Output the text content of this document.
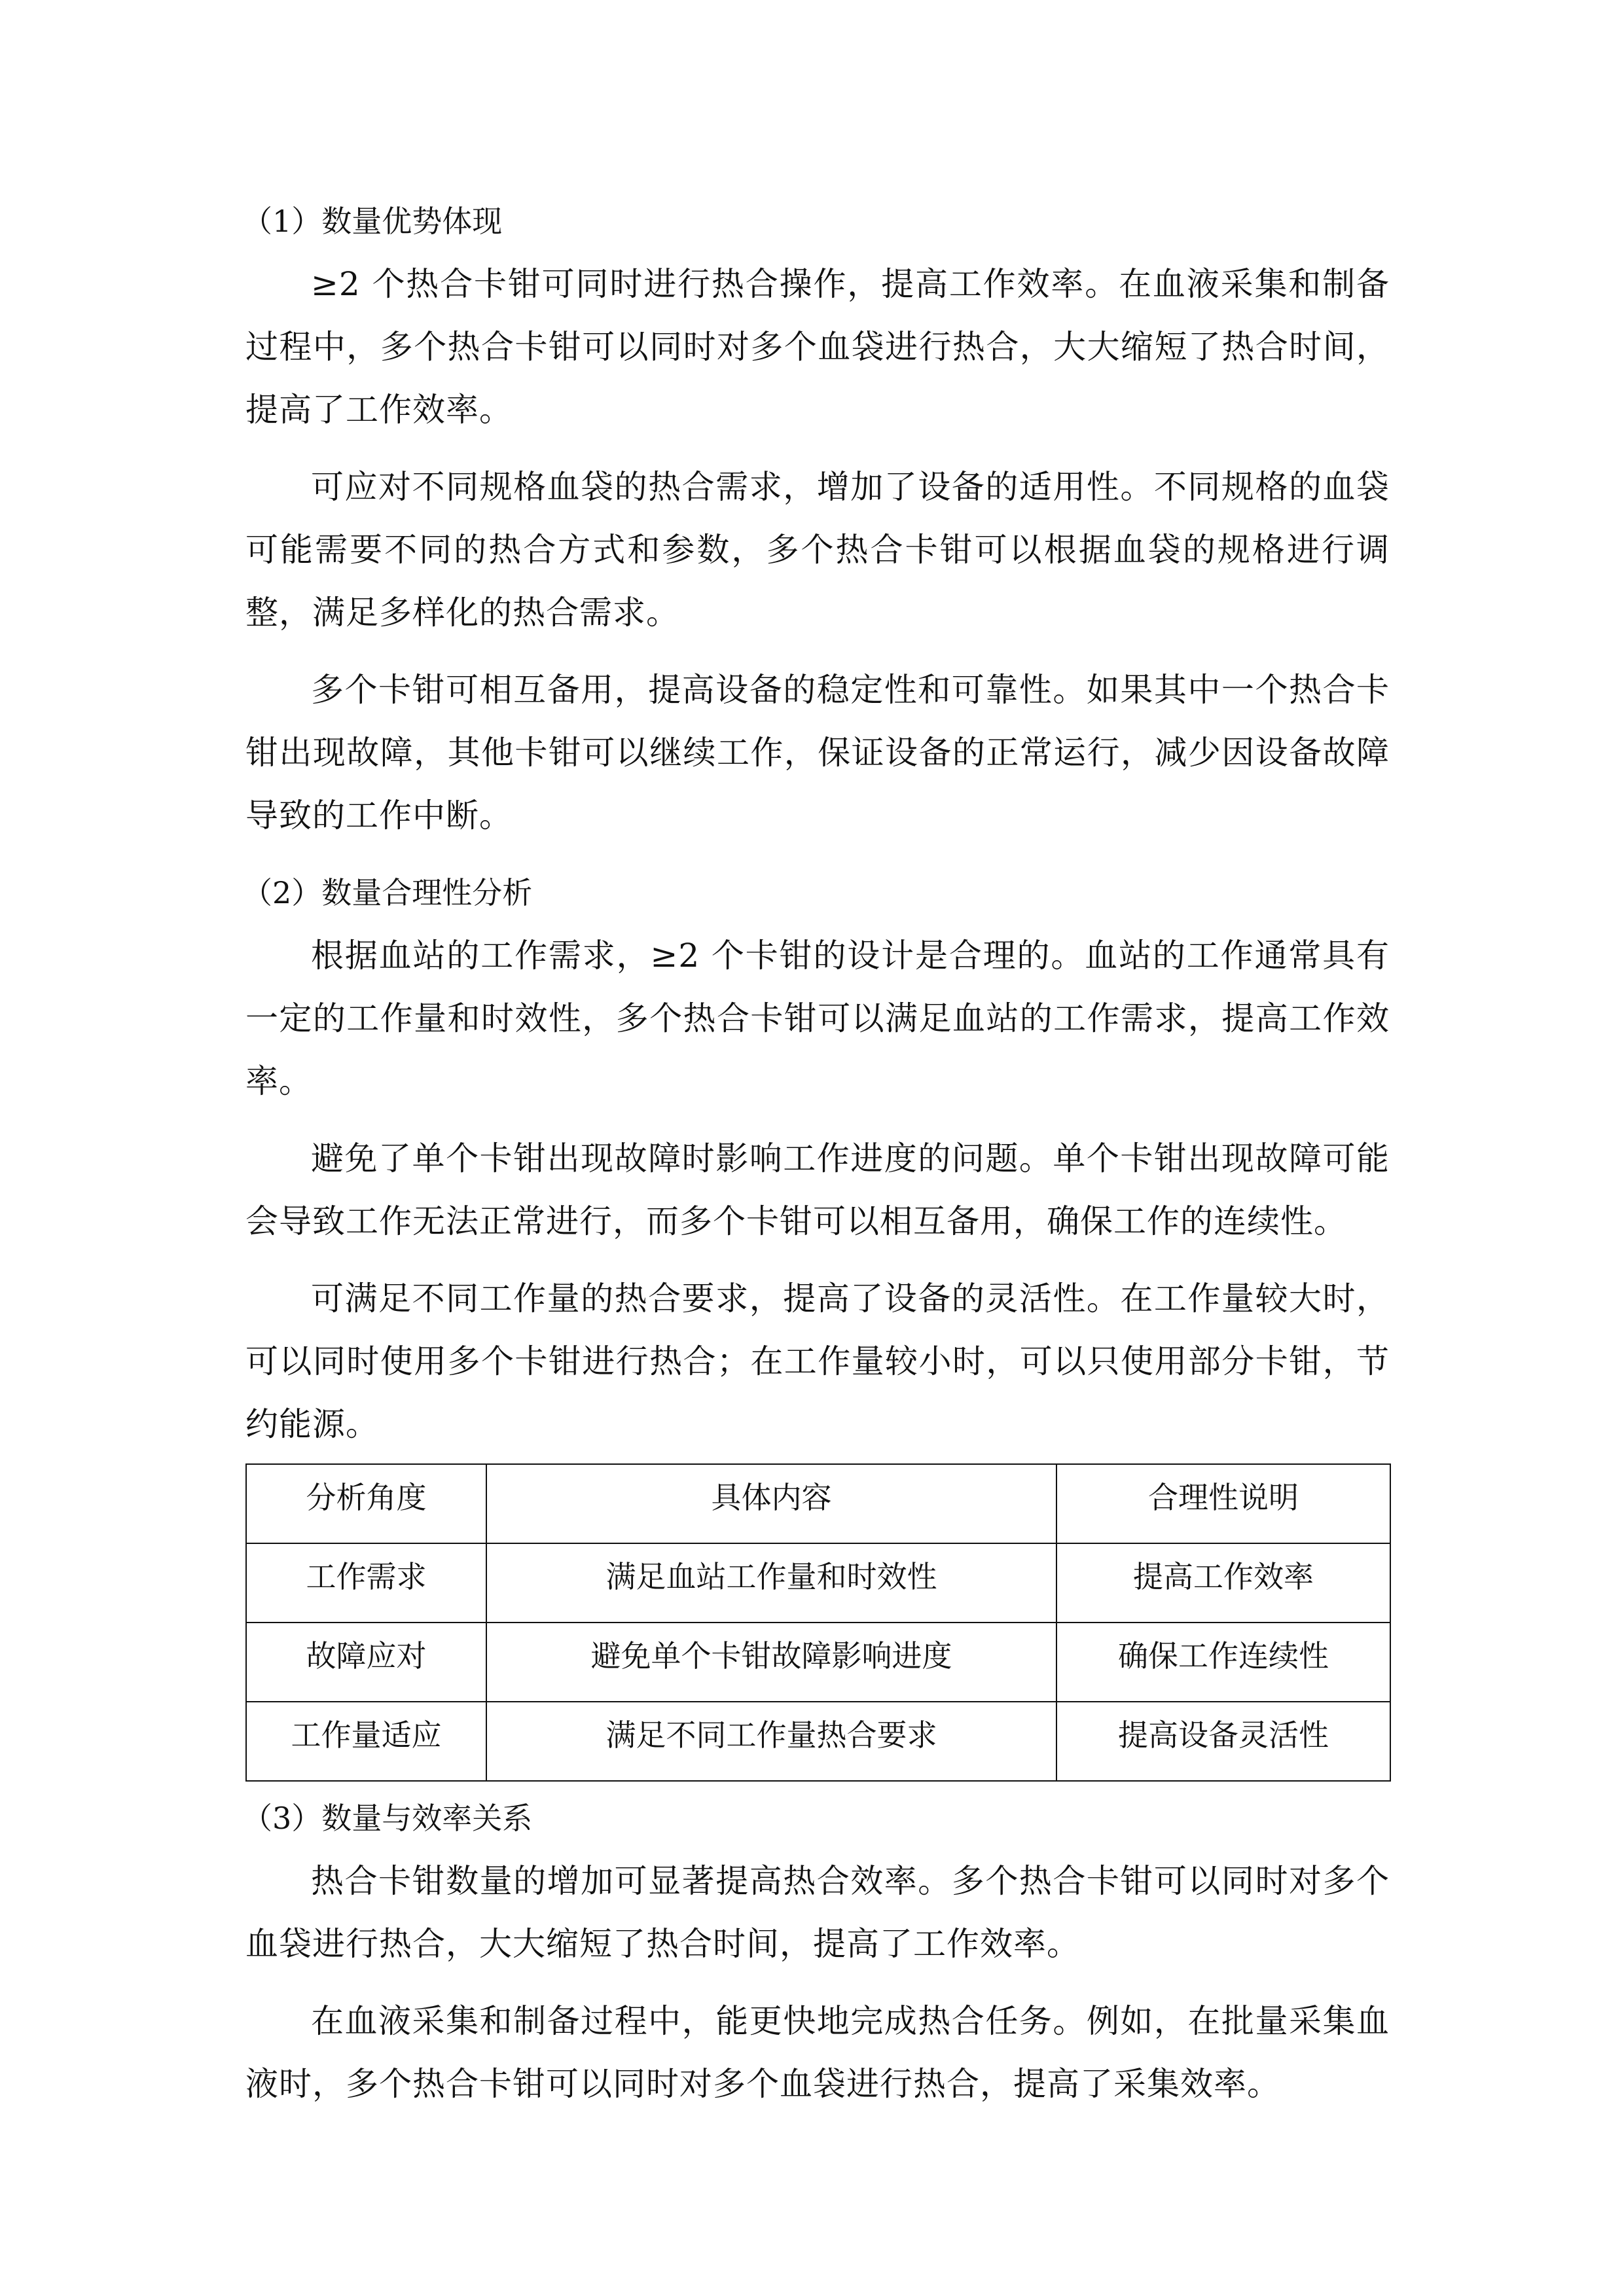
（1）数量优势体现

≥2 个热合卡钳可同时进行热合操作，提高工作效率。在血液采集和制备过程中，多个热合卡钳可以同时对多个血袋进行热合，大大缩短了热合时间，提高了工作效率。

可应对不同规格血袋的热合需求，增加了设备的适用性。不同规格的血袋可能需要不同的热合方式和参数，多个热合卡钳可以根据血袋的规格进行调整，满足多样化的热合需求。

多个卡钳可相互备用，提高设备的稳定性和可靠性。如果其中一个热合卡钳出现故障，其他卡钳可以继续工作，保证设备的正常运行，减少因设备故障导致的工作中断。

（2）数量合理性分析

根据血站的工作需求，≥2 个卡钳的设计是合理的。血站的工作通常具有一定的工作量和时效性，多个热合卡钳可以满足血站的工作需求，提高工作效率。

避免了单个卡钳出现故障时影响工作进度的问题。单个卡钳出现故障可能会导致工作无法正常进行，而多个卡钳可以相互备用，确保工作的连续性。

可满足不同工作量的热合要求，提高了设备的灵活性。在工作量较大时，可以同时使用多个卡钳进行热合；在工作量较小时，可以只使用部分卡钳，节约能源。

分析角度	具体内容	合理性说明
工作需求	满足血站工作量和时效性	提高工作效率
故障应对	避免单个卡钳故障影响进度	确保工作连续性
工作量适应	满足不同工作量热合要求	提高设备灵活性

（3）数量与效率关系

热合卡钳数量的增加可显著提高热合效率。多个热合卡钳可以同时对多个血袋进行热合，大大缩短了热合时间，提高了工作效率。

在血液采集和制备过程中，能更快地完成热合任务。例如，在批量采集血液时，多个热合卡钳可以同时对多个血袋进行热合，提高了采集效率。
